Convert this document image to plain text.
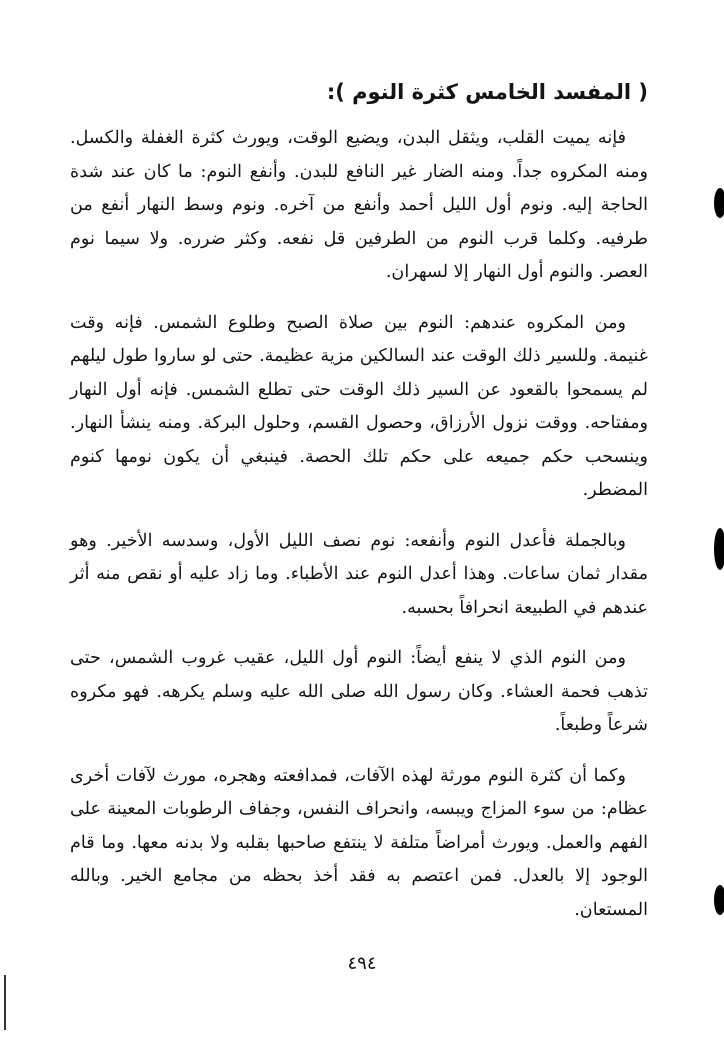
( المفسد الخامس كثرة النوم ):

فإنه يميت القلب، ويثقل البدن، ويضيع الوقت، ويورث كثرة الغفلة والكسل. ومنه المكروه جداً. ومنه الضار غير النافع للبدن. وأنفع النوم: ما كان عند شدة الحاجة إليه. ونوم أول الليل أحمد وأنفع من آخره. ونوم وسط النهار أنفع من طرفيه. وكلما قرب النوم من الطرفين قل نفعه. وكثر ضرره. ولا سيما نوم العصر. والنوم أول النهار إلا لسهران.

ومن المكروه عندهم: النوم بين صلاة الصبح وطلوع الشمس. فإنه وقت غنيمة. وللسير ذلك الوقت عند السالكين مزية عظيمة. حتى لو ساروا طول ليلهم لم يسمحوا بالقعود عن السير ذلك الوقت حتى تطلع الشمس. فإنه أول النهار ومفتاحه. ووقت نزول الأرزاق، وحصول القسم، وحلول البركة. ومنه ينشأ النهار. وينسحب حكم جميعه على حكم تلك الحصة. فينبغي أن يكون نومها كنوم المضطر.

وبالجملة فأعدل النوم وأنفعه: نوم نصف الليل الأول، وسدسه الأخير. وهو مقدار ثمان ساعات. وهذا أعدل النوم عند الأطباء. وما زاد عليه أو نقص منه أثر عندهم في الطبيعة انحرافاً بحسبه.

ومن النوم الذي لا ينفع أيضاً: النوم أول الليل، عقيب غروب الشمس، حتى تذهب فحمة العشاء. وكان رسول الله صلى الله عليه وسلم يكرهه. فهو مكروه شرعاً وطبعاً.

وكما أن كثرة النوم مورثة لهذه الآفات، فمدافعته وهجره، مورث لآفات أخرى عظام: من سوء المزاج ويبسه، وانحراف النفس، وجفاف الرطوبات المعينة على الفهم والعمل. ويورث أمراضاً متلفة لا ينتفع صاحبها بقلبه ولا بدنه معها. وما قام الوجود إلا بالعدل. فمن اعتصم به فقد أخذ بحظه من مجامع الخير. وبالله المستعان.

٤٩٤
